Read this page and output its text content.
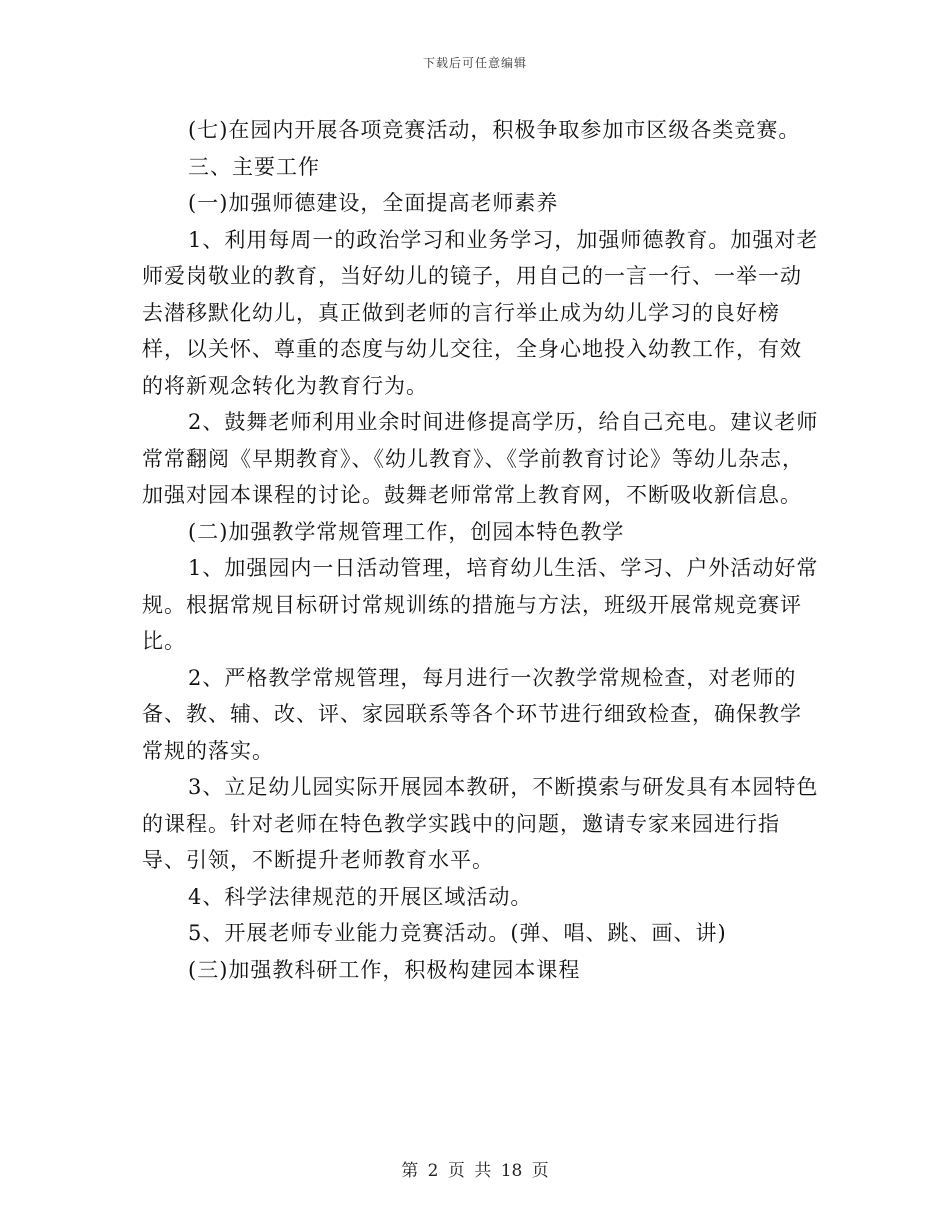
下载后可任意编辑

(七)在园内开展各项竞赛活动，积极争取参加市区级各类竞赛。

三、主要工作

(一)加强师德建设，全面提高老师素养

1、利用每周一的政治学习和业务学习，加强师德教育。加强对老师爱岗敬业的教育，当好幼儿的镜子，用自己的一言一行、一举一动去潜移默化幼儿，真正做到老师的言行举止成为幼儿学习的良好榜样，以关怀、尊重的态度与幼儿交往，全身心地投入幼教工作，有效的将新观念转化为教育行为。

2、鼓舞老师利用业余时间进修提高学历，给自己充电。建议老师常常翻阅《早期教育》、《幼儿教育》、《学前教育讨论》等幼儿杂志，加强对园本课程的讨论。鼓舞老师常常上教育网，不断吸收新信息。

(二)加强教学常规管理工作，创园本特色教学

1、加强园内一日活动管理，培育幼儿生活、学习、户外活动好常规。根据常规目标研讨常规训练的措施与方法，班级开展常规竞赛评比。

2、严格教学常规管理，每月进行一次教学常规检查，对老师的备、教、辅、改、评、家园联系等各个环节进行细致检查，确保教学常规的落实。

3、立足幼儿园实际开展园本教研，不断摸索与研发具有本园特色的课程。针对老师在特色教学实践中的问题，邀请专家来园进行指导、引领，不断提升老师教育水平。

4、科学法律规范的开展区域活动。

5、开展老师专业能力竞赛活动。(弹、唱、跳、画、讲)

(三)加强教科研工作，积极构建园本课程

第 2 页 共 18 页
